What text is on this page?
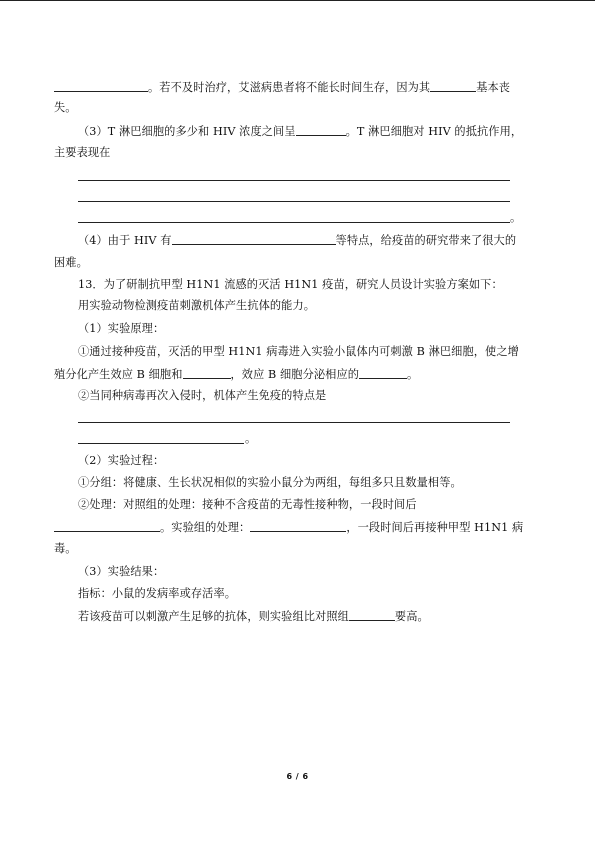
。若不及时治疗，艾滋病患者将不能长时间生存，因为其	基本丧
失。
（3）T 淋巴细胞的多少和 HIV 浓度之间呈	。T 淋巴细胞对 HIV 的抵抗作用，
主要表现在
。
（4）由于 HIV 有	等特点，给疫苗的研究带来了很大的
困难。
13．为了研制抗甲型 H1N1 流感的灭活 H1N1 疫苗，研究人员设计实验方案如下：
用实验动物检测疫苗刺激机体产生抗体的能力。
（1）实验原理：
①通过接种疫苗，灭活的甲型 H1N1 病毒进入实验小鼠体内可刺激 B 淋巴细胞，使之增
殖分化产生效应 B 细胞和	，效应 B 细胞分泌相应的	。
②当同种病毒再次入侵时，机体产生免疫的特点是
。
（2）实验过程：
①分组：将健康、生长状况相似的实验小鼠分为两组，每组多只且数量相等。
②处理：对照组的处理：接种不含疫苗的无毒性接种物，一段时间后
。实验组的处理：	，一段时间后再接种甲型 H1N1 病
毒。
（3）实验结果：
指标：小鼠的发病率或存活率。
若该疫苗可以刺激产生足够的抗体，则实验组比对照组	要高。
6 / 6
